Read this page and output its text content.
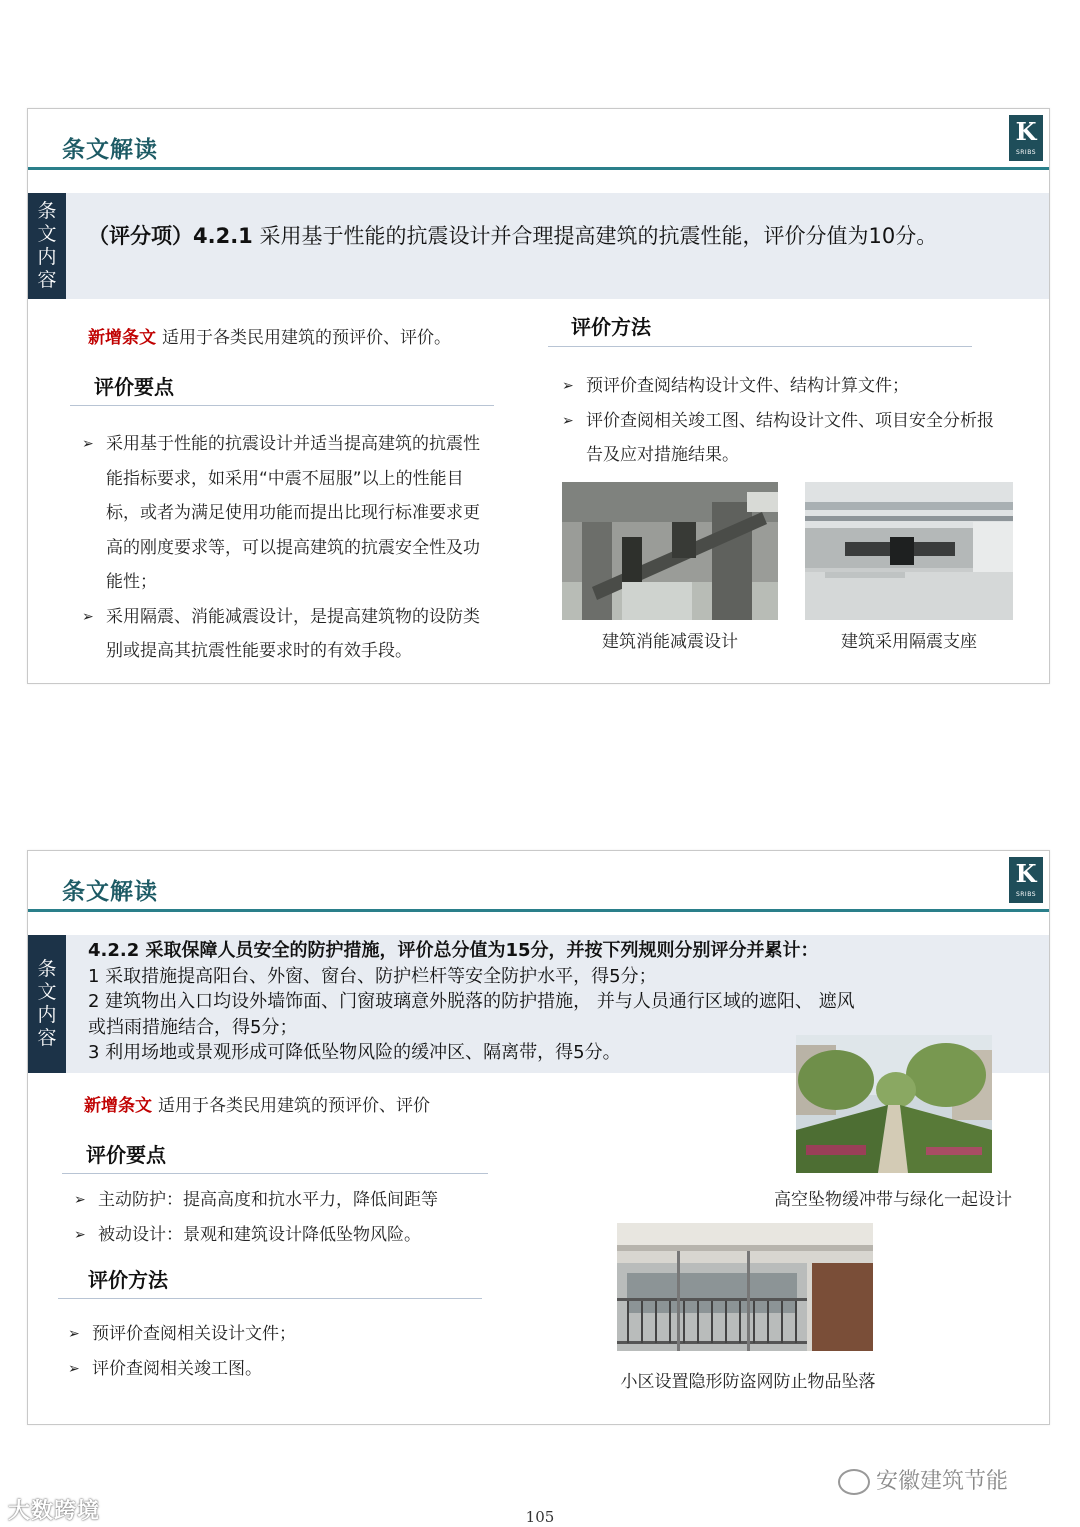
条文解读
K
SRIBS
条
文
内
容
（评分项）4.2.1 采用基于性能的抗震设计并合理提高建筑的抗震性能，评价分值为10分。
新增条文 适用于各类民用建筑的预评价、评价。
评价要点
➢ 采用基于性能的抗震设计并适当提高建筑的抗震性能指标要求，如采用“中震不屈服”以上的性能目标，或者为满足使用功能而提出比现行标准要求更高的刚度要求等，可以提高建筑的抗震安全性及功能性；
➢ 采用隔震、消能减震设计，是提高建筑物的设防类别或提高其抗震性能要求时的有效手段。
评价方法
➢ 预评价查阅结构设计文件、结构计算文件；
➢ 评价查阅相关竣工图、结构设计文件、项目安全分析报告及应对措施结果。
建筑消能减震设计	建筑采用隔震支座
条文解读
K
SRIBS
条
文
内
容
4.2.2 采取保障人员安全的防护措施，评价总分值为15分，并按下列规则分别评分并累计：
1 采取措施提高阳台、外窗、窗台、防护栏杆等安全防护水平，得5分；
2 建筑物出入口均设外墙饰面、门窗玻璃意外脱落的防护措施， 并与人员通行区域的遮阳、 遮风
或挡雨措施结合，得5分；
3 利用场地或景观形成可降低坠物风险的缓冲区、隔离带，得5分。
新增条文 适用于各类民用建筑的预评价、评价
评价要点
➢ 主动防护：提高高度和抗水平力，降低间距等
➢ 被动设计：景观和建筑设计降低坠物风险。
评价方法
➢ 预评价查阅相关设计文件；
➢ 评价查阅相关竣工图。
高空坠物缓冲带与绿化一起设计
小区设置隐形防盗网防止物品坠落
安徽建筑节能
大数跨境	105
